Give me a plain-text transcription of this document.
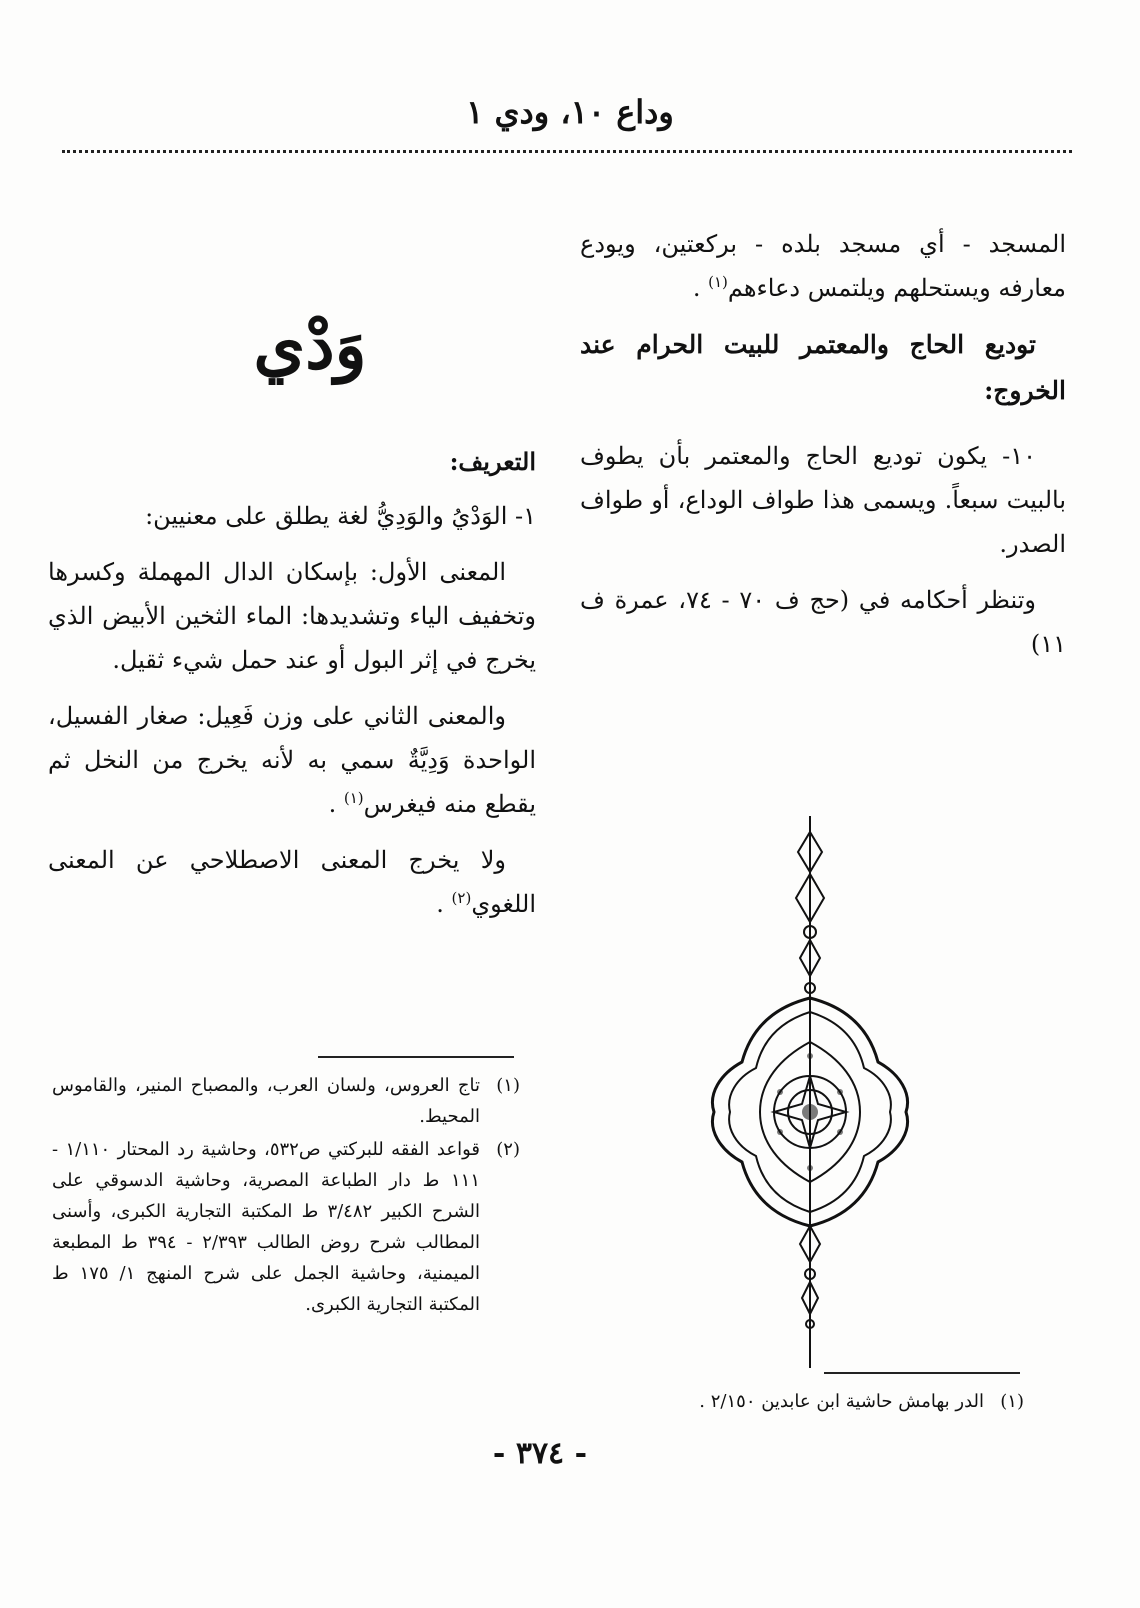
وداع ١٠، ودي ١

المسجد - أي مسجد بلده - بركعتين، ويودع معارفه ويستحلهم ويلتمس دعاءهم$^{(١)}$ .

توديع الحاج والمعتمر للبيت الحرام عند الخروج:

١٠- يكون توديع الحاج والمعتمر بأن يطوف بالبيت سبعاً. ويسمى هذا طواف الوداع، أو طواف الصدر.

وتنظر أحكامه في (حج ف ٧٠ - ٧٤، عمرة ف ١١)

وَدْي

التعريف:

١- الوَدْيُ والوَدِيُّ لغة يطلق على معنيين:

المعنى الأول: بإسكان الدال المهملة وكسرها وتخفيف الياء وتشديدها: الماء الثخين الأبيض الذي يخرج في إثر البول أو عند حمل شيء ثقيل.

والمعنى الثاني على وزن فَعِيل: صغار الفسيل، الواحدة وَدِيَّةٌ سمي به لأنه يخرج من النخل ثم يقطع منه فيغرس$^{(١)}$ .

ولا يخرج المعنى الاصطلاحي عن المعنى اللغوي$^{(٢)}$ .

(١)
تاج العروس، ولسان العرب، والمصباح المنير، والقاموس المحيط.
(٢)
قواعد الفقه للبركتي ص٥٣٢، وحاشية رد المحتار ١/١١٠ - ١١١ ط دار الطباعة المصرية، وحاشية الدسوقي على الشرح الكبير ٣/٤٨٢ ط المكتبة التجارية الكبرى، وأسنى المطالب شرح روض الطالب ٢/٣٩٣ - ٣٩٤ ط المطبعة الميمنية، وحاشية الجمل على شرح المنهج ١/ ١٧٥ ط المكتبة التجارية الكبرى.
(١)
الدر بهامش حاشية ابن عابدين ٢/١٥٠ .
- ٣٧٤ -
